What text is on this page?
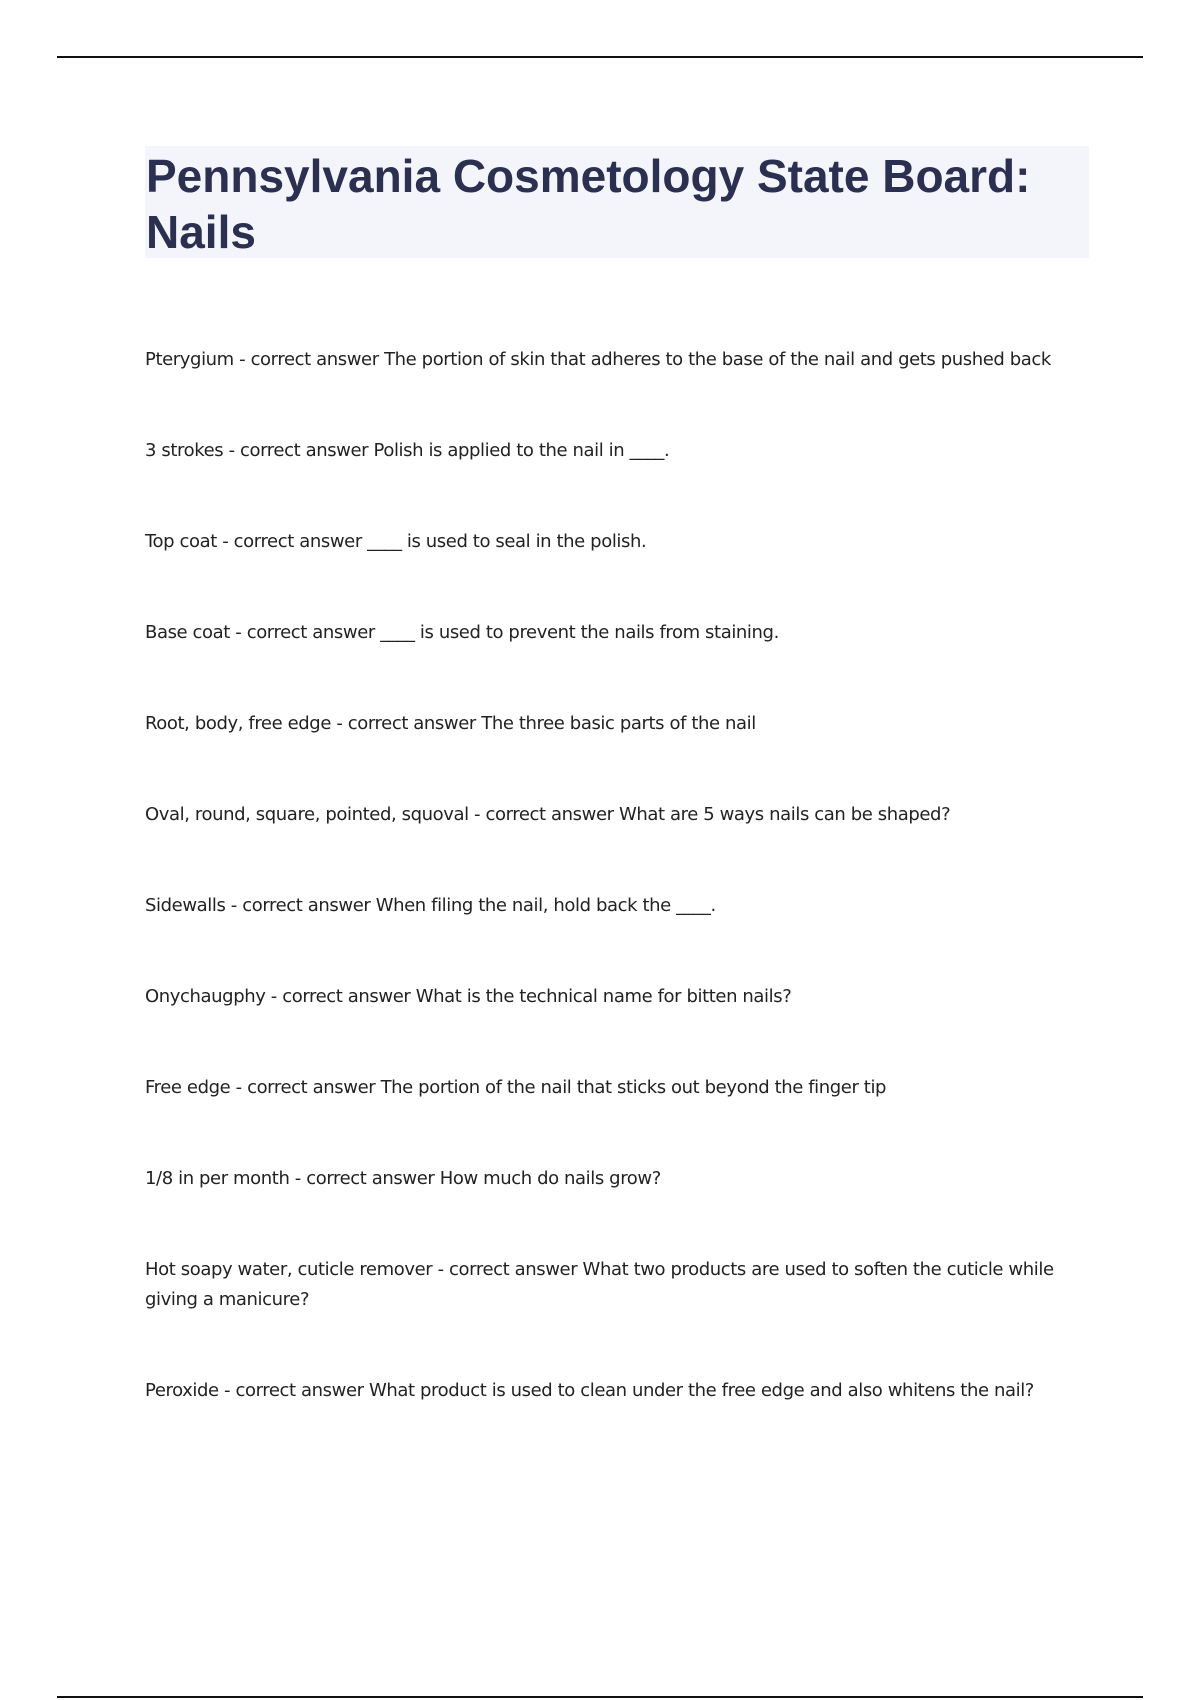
Pennsylvania Cosmetology State Board: Nails
Pterygium - correct answer The portion of skin that adheres to the base of the nail and gets pushed back
3 strokes - correct answer Polish is applied to the nail in ____.
Top coat - correct answer ____ is used to seal in the polish.
Base coat - correct answer ____ is used to prevent the nails from staining.
Root, body, free edge - correct answer The three basic parts of the nail
Oval, round, square, pointed, squoval - correct answer What are 5 ways nails can be shaped?
Sidewalls - correct answer When filing the nail, hold back the ____.
Onychaugphy - correct answer What is the technical name for bitten nails?
Free edge - correct answer The portion of the nail that sticks out beyond the finger tip
1/8 in per month - correct answer How much do nails grow?
Hot soapy water, cuticle remover - correct answer What two products are used to soften the cuticle while giving a manicure?
Peroxide - correct answer What product is used to clean under the free edge and also whitens the nail?
